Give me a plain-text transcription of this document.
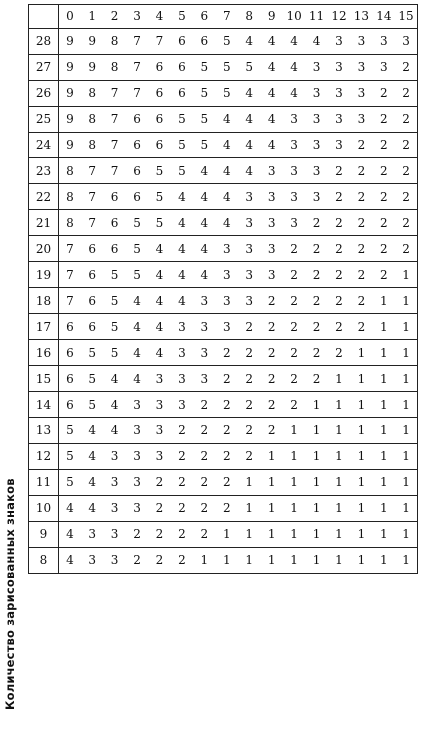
Количество зарисованных знаков
	0	1	2	3	4	5	6	7	8	9	10	11	12	13	14	15
28	9	9	8	7	7	6	6	5	4	4	4	4	3	3	3	3
27	9	9	8	7	6	6	5	5	5	4	4	3	3	3	3	2
26	9	8	7	7	6	6	5	5	4	4	4	3	3	3	2	2
25	9	8	7	6	6	5	5	4	4	4	3	3	3	3	2	2
24	9	8	7	6	6	5	5	4	4	4	3	3	3	2	2	2
23	8	7	7	6	5	5	4	4	4	3	3	3	2	2	2	2
22	8	7	6	6	5	4	4	4	3	3	3	3	2	2	2	2
21	8	7	6	5	5	4	4	4	3	3	3	2	2	2	2	2
20	7	6	6	5	4	4	4	3	3	3	2	2	2	2	2	2
19	7	6	5	5	4	4	4	3	3	3	2	2	2	2	2	1
18	7	6	5	4	4	4	3	3	3	2	2	2	2	2	1	1
17	6	6	5	4	4	3	3	3	2	2	2	2	2	2	1	1
16	6	5	5	4	4	3	3	2	2	2	2	2	2	1	1	1
15	6	5	4	4	3	3	3	2	2	2	2	2	1	1	1	1
14	6	5	4	3	3	3	2	2	2	2	2	1	1	1	1	1
13	5	4	4	3	3	2	2	2	2	2	1	1	1	1	1	1
12	5	4	3	3	3	2	2	2	2	1	1	1	1	1	1	1
11	5	4	3	3	2	2	2	2	1	1	1	1	1	1	1	1
10	4	4	3	3	2	2	2	2	1	1	1	1	1	1	1	1
9	4	3	3	2	2	2	2	1	1	1	1	1	1	1	1	1
8	4	3	3	2	2	2	1	1	1	1	1	1	1	1	1	1
